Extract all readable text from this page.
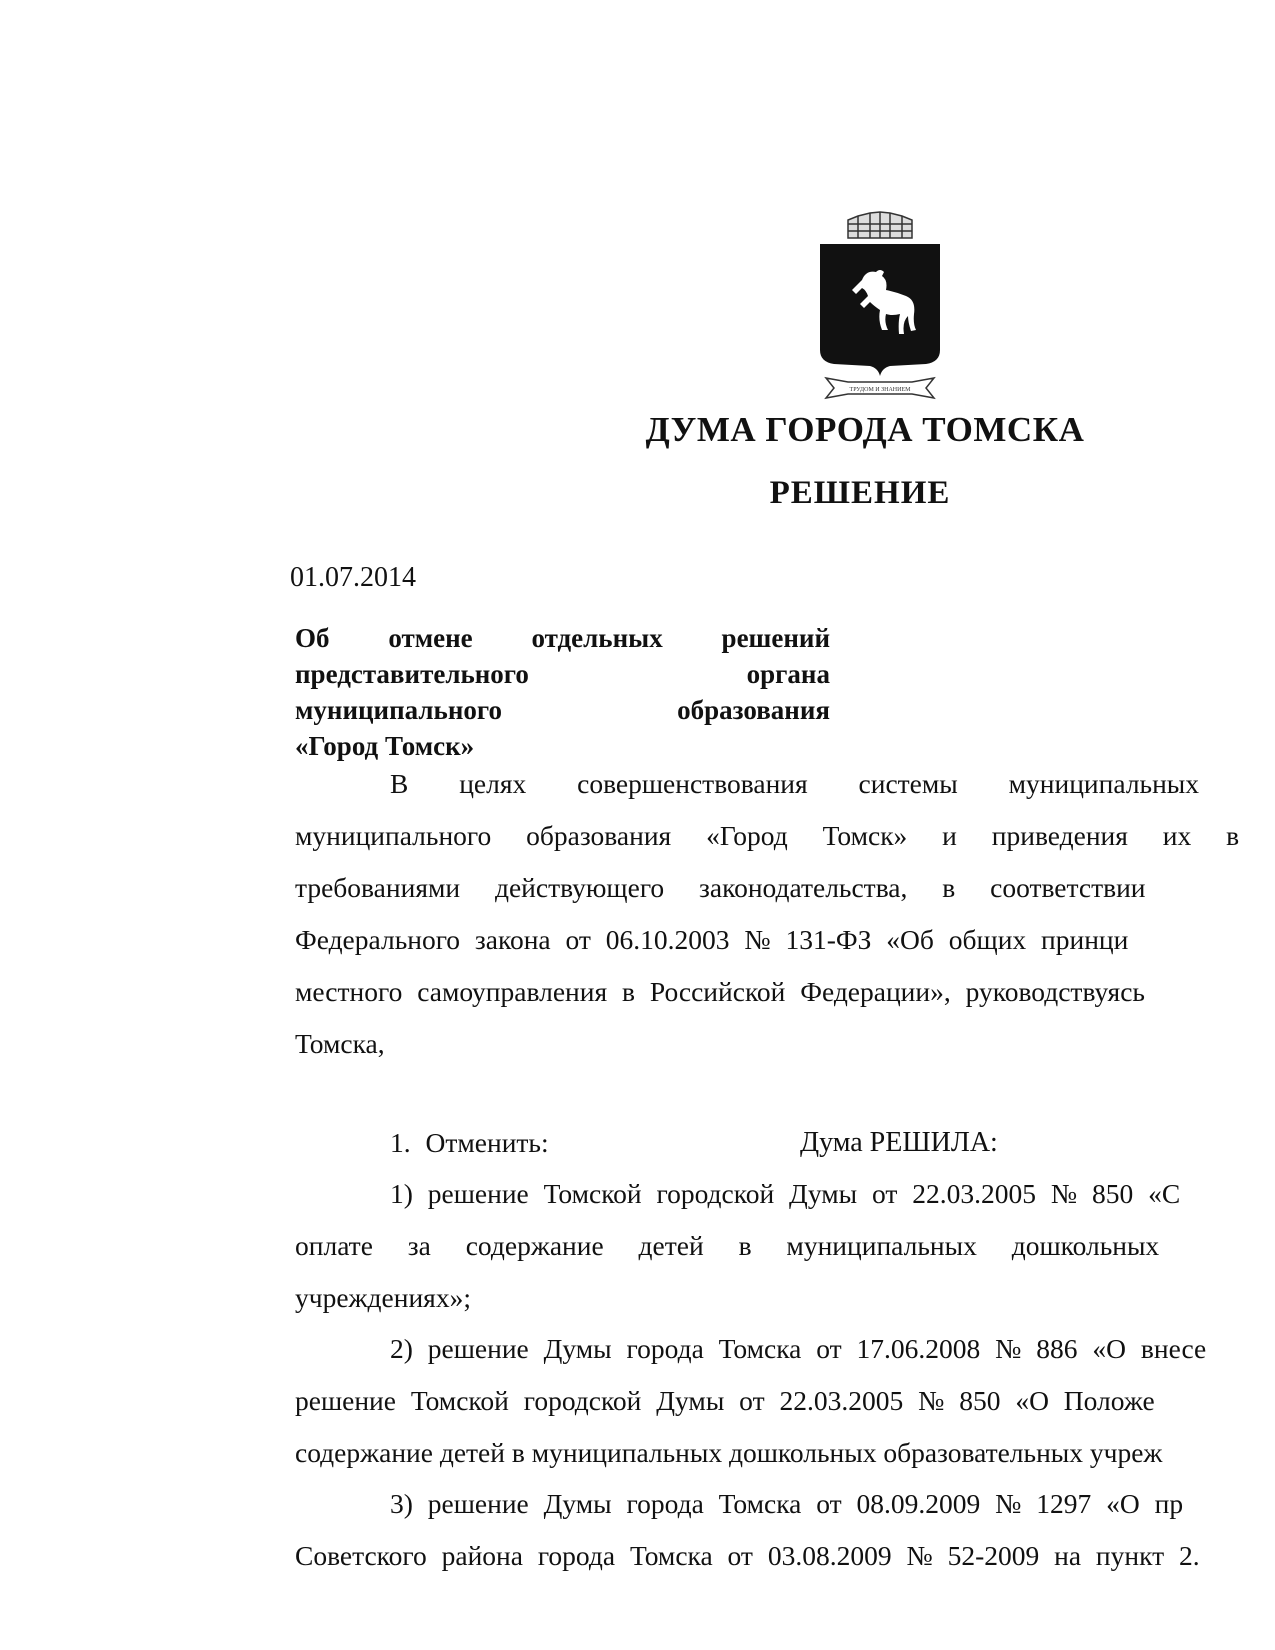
ТРУДОМ И ЗНАНИЕМ
ДУМА ГОРОДА ТОМСКА
РЕШЕНИЕ
01.07.2014
Об отмене отдельных решений
представительного	органа
муниципального	образования
«Город Томск»
В целях совершенствования системы муниципальных
муниципального образования «Город Томск» и приведения их в
требованиями действующего законодательства, в соответствии
Федерального закона от 06.10.2003 № 131-ФЗ «Об общих принци
местного самоуправления в Российской Федерации», руководствуясь
Томска,
Дума РЕШИЛА:
1. Отменить:
1) решение Томской городской Думы от 22.03.2005 № 850 «С
оплате за содержание детей в муниципальных дошкольных
учреждениях»;
2) решение Думы города Томска от 17.06.2008 № 886 «О внесе
решение Томской городской Думы от 22.03.2005 № 850 «О Положе
содержание детей в муниципальных дошкольных образовательных учреж
3) решение Думы города Томска от 08.09.2009 № 1297 «О пр
Советского района города Томска от 03.08.2009 № 52-2009 на пункт 2.
